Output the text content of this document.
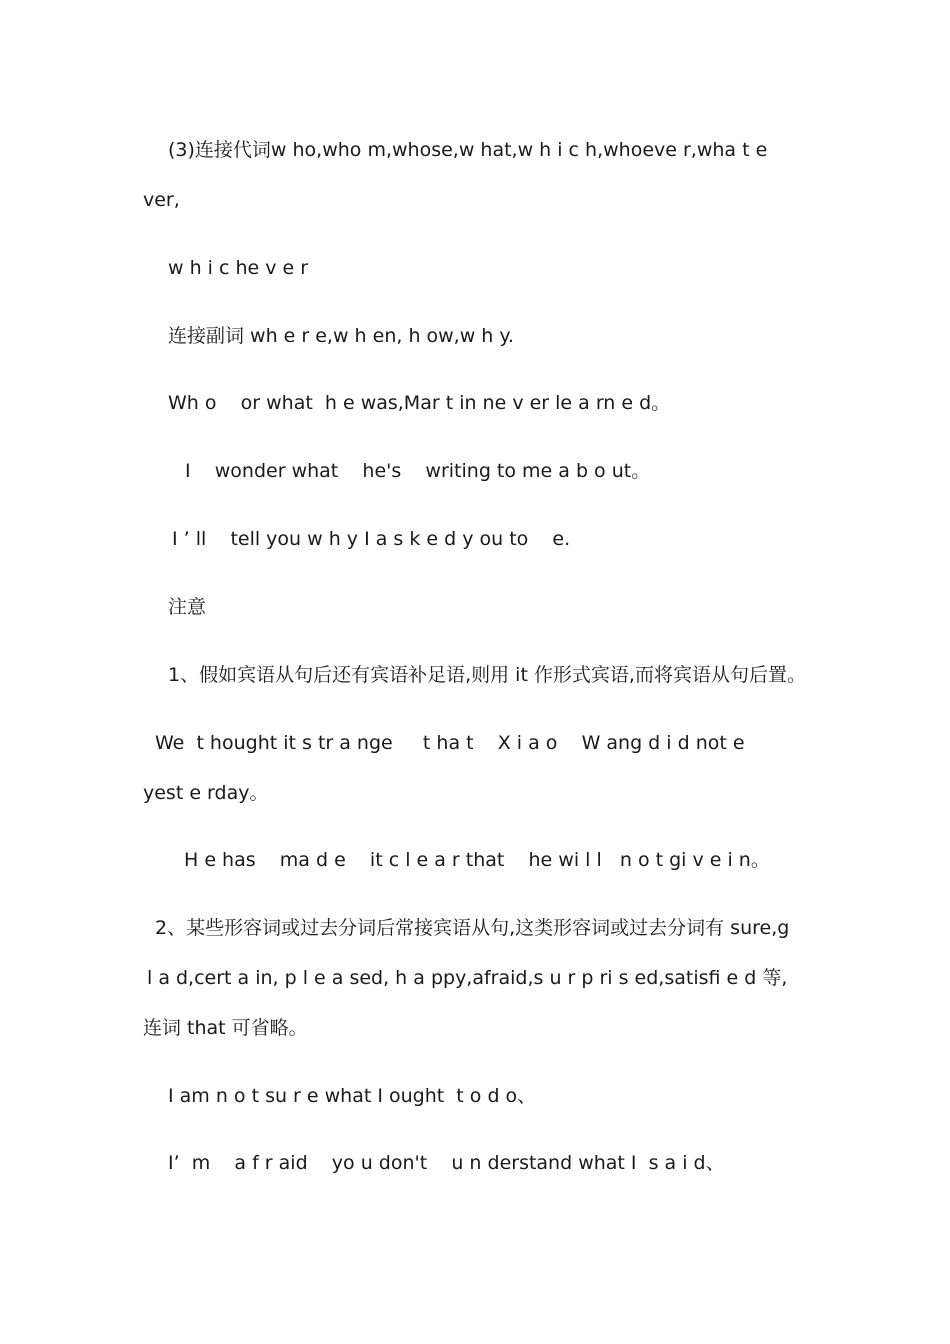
(3)连接代词w ho,who m,whose,w hat,w h i c h,whoeve r,wha t e
ver,
w h i c he v e r
连接副词 wh e r e,w h en, h ow,w h y.
Wh o    or what  h e was,Mar t in ne v er le a rn e d。
I    wonder what    he's    writing to me a b o ut。
I ’ ll    tell you w h y I a s k e d y ou to    e.
注意
1、假如宾语从句后还有宾语补足语,则用 it 作形式宾语,而将宾语从句后置。
We  t hought it s tr a nge     t ha t    X i a o    W ang d i d not e
yest e rday。
H e has    ma d e    it c l e a r that    he wi l l   n o t gi v e i n。
2、某些形容词或过去分词后常接宾语从句,这类形容词或过去分词有 sure,g
l a d,cert a in, p l e a sed, h a ppy,afraid,s u r p ri s ed,satisfi e d 等,
连词 that 可省略。
I am n o t su r e what I ought  t o d o、
I’  m    a f r aid    yo u don't    u n derstand what I  s a i d、
